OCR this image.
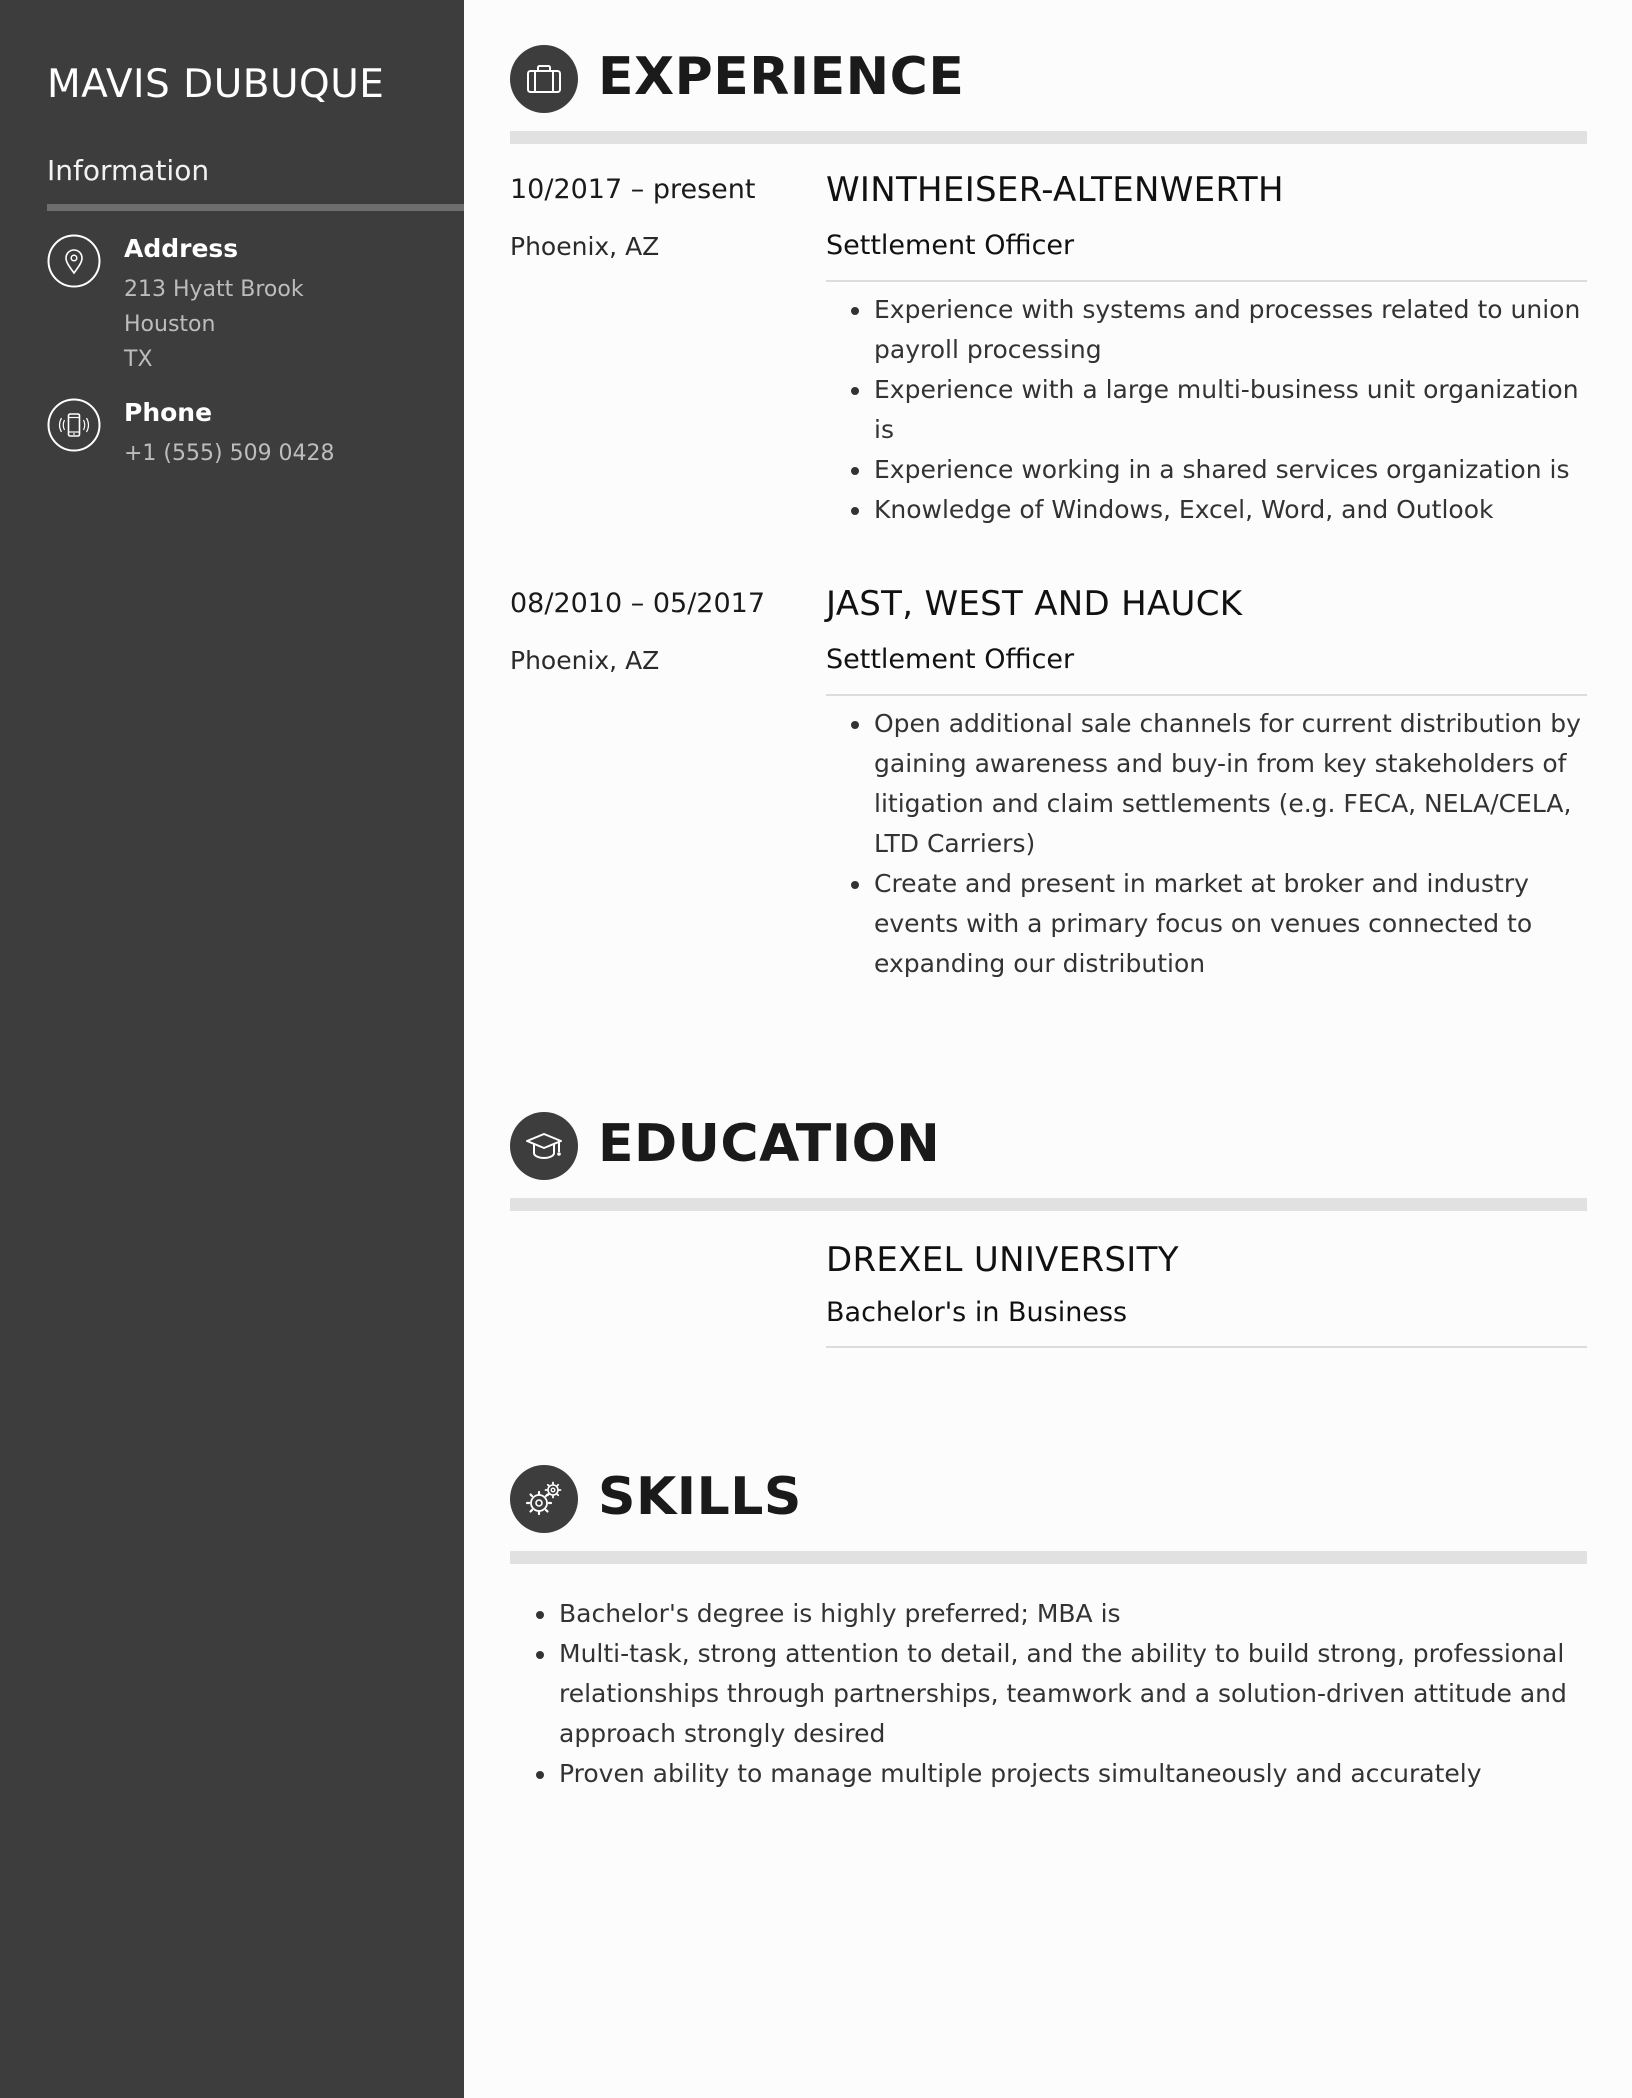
MAVIS DUBUQUE
Information
Address
213 Hyatt Brook
Houston
TX
Phone
+1 (555) 509 0428
EXPERIENCE
10/2017 – present
Phoenix, AZ
WINTHEISER-ALTENWERTH
Settlement Officer
Experience with systems and processes related to union payroll processing
Experience with a large multi-business unit organization is
Experience working in a shared services organization is
Knowledge of Windows, Excel, Word, and Outlook
08/2010 – 05/2017
Phoenix, AZ
JAST, WEST AND HAUCK
Settlement Officer
Open additional sale channels for current distribution by gaining awareness and buy-in from key stakeholders of litigation and claim settlements (e.g. FECA, NELA/CELA, LTD Carriers)
Create and present in market at broker and industry events with a primary focus on venues connected to expanding our distribution
EDUCATION
DREXEL UNIVERSITY
Bachelor's in Business
SKILLS
Bachelor's degree is highly preferred; MBA is
Multi-task, strong attention to detail, and the ability to build strong, professional relationships through partnerships, teamwork and a solution-driven attitude and approach strongly desired
Proven ability to manage multiple projects simultaneously and accurately
